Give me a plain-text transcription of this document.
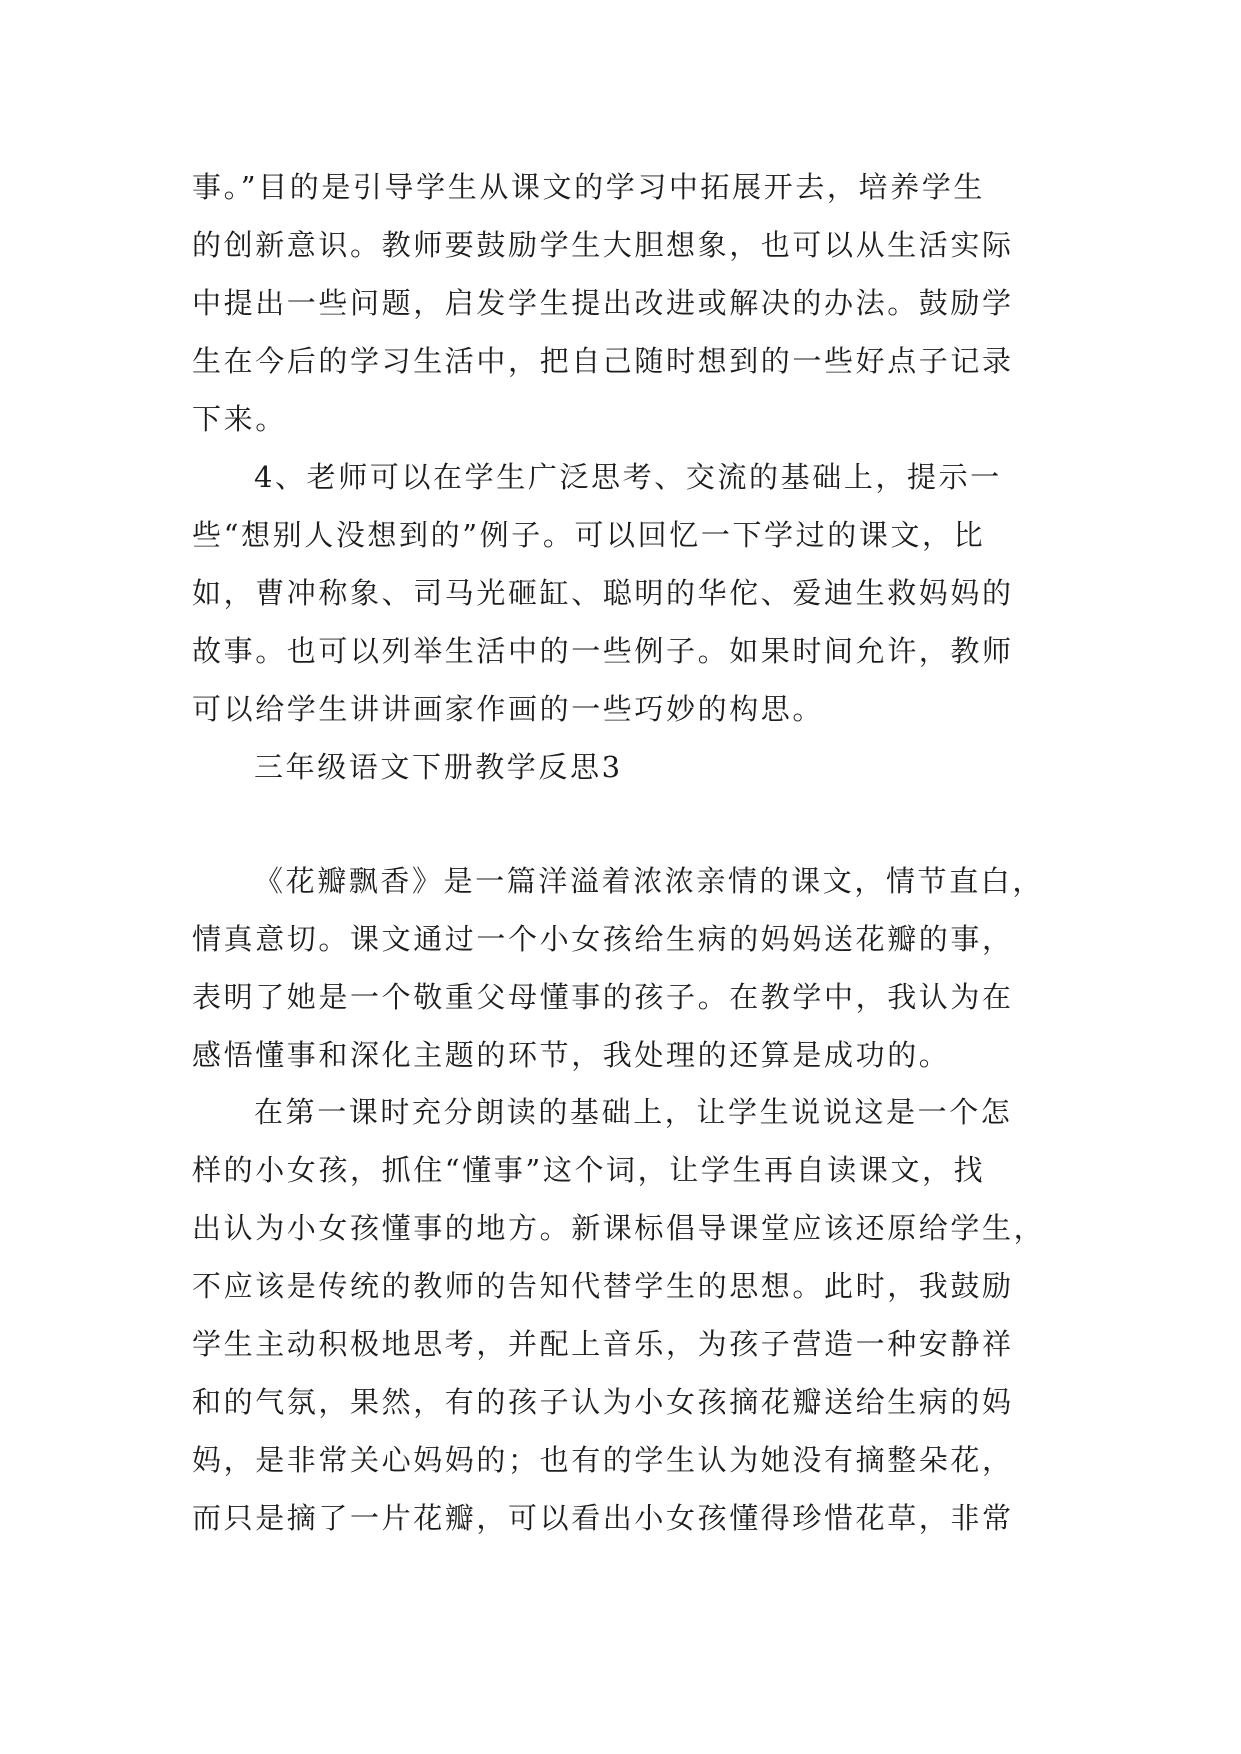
事。”目的是引导学生从课文的学习中拓展开去，培养学生
的创新意识。教师要鼓励学生大胆想象，也可以从生活实际
中提出一些问题，启发学生提出改进或解决的办法。鼓励学
生在今后的学习生活中，把自己随时想到的一些好点子记录
下来。
4、老师可以在学生广泛思考、交流的基础上，提示一
些“想别人没想到的”例子。可以回忆一下学过的课文，比
如，曹冲称象、司马光砸缸、聪明的华佗、爱迪生救妈妈的
故事。也可以列举生活中的一些例子。如果时间允许，教师
可以给学生讲讲画家作画的一些巧妙的构思。
三年级语文下册教学反思3
《花瓣飘香》是一篇洋溢着浓浓亲情的课文，情节直白，
情真意切。课文通过一个小女孩给生病的妈妈送花瓣的事，
表明了她是一个敬重父母懂事的孩子。在教学中，我认为在
感悟懂事和深化主题的环节，我处理的还算是成功的。
在第一课时充分朗读的基础上，让学生说说这是一个怎
样的小女孩，抓住“懂事”这个词，让学生再自读课文，找
出认为小女孩懂事的地方。新课标倡导课堂应该还原给学生，
不应该是传统的教师的告知代替学生的思想。此时，我鼓励
学生主动积极地思考，并配上音乐，为孩子营造一种安静祥
和的气氛，果然，有的孩子认为小女孩摘花瓣送给生病的妈
妈，是非常关心妈妈的；也有的学生认为她没有摘整朵花，
而只是摘了一片花瓣，可以看出小女孩懂得珍惜花草，非常
